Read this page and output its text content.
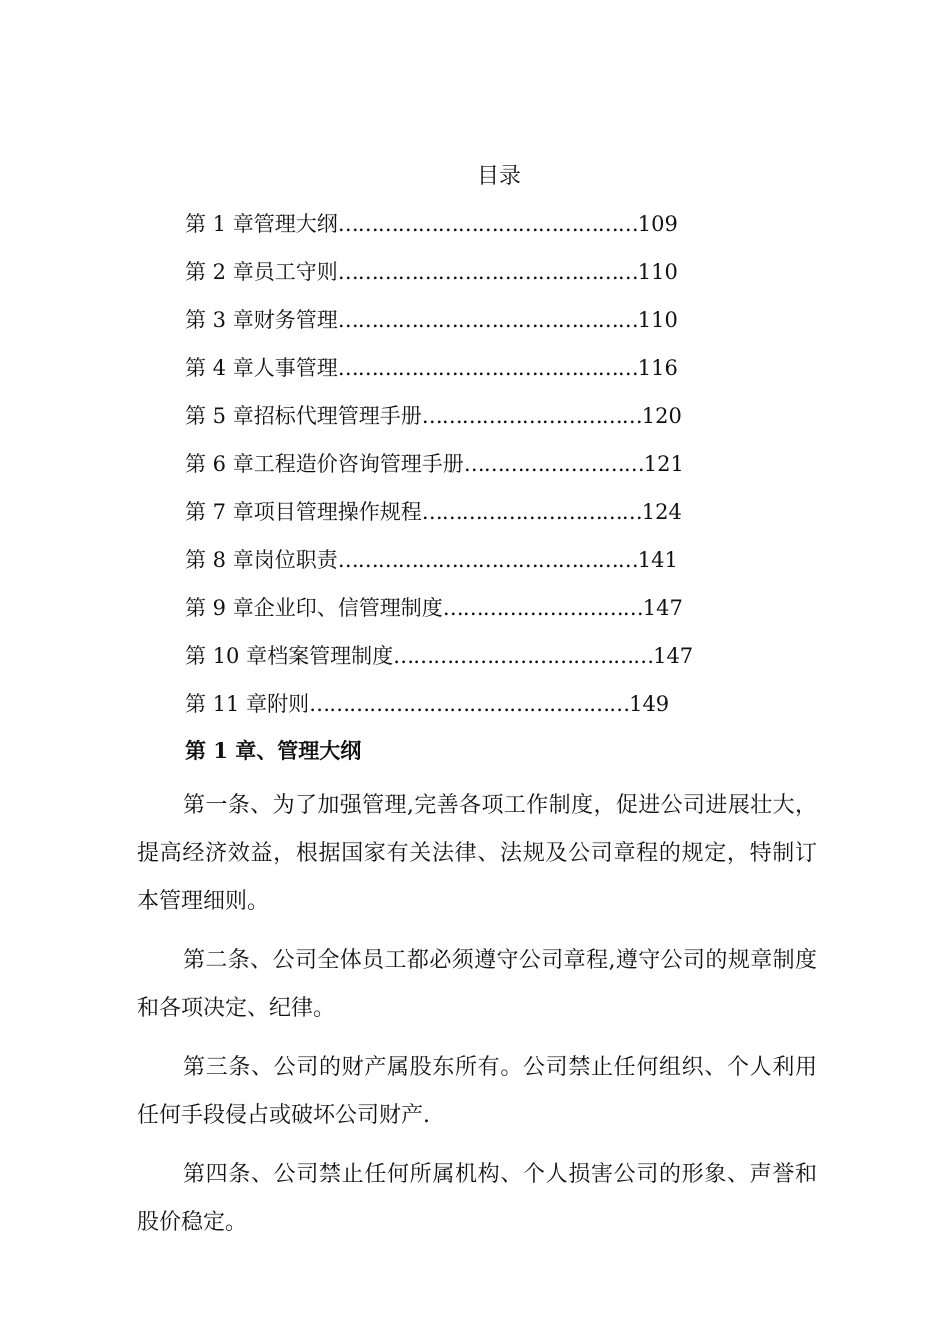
目录
第 1 章管理大纲………………………………………109
第 2 章员工守则………………………………………110
第 3 章财务管理………………………………………110
第 4 章人事管理………………………………………116
第 5 章招标代理管理手册……………………………120
第 6 章工程造价咨询管理手册………………………121
第 7 章项目管理操作规程……………………………124
第 8 章岗位职责………………………………………141
第 9 章企业印、信管理制度…………………………147
第 10 章档案管理制度…………………………………147
第 11 章附则…………………………………………149
第 1 章、管理大纲

第一条、为了加强管理,完善各项工作制度，促进公司进展壮大，提高经济效益，根据国家有关法律、法规及公司章程的规定，特制订本管理细则。

第二条、公司全体员工都必须遵守公司章程,遵守公司的规章制度和各项决定、纪律。

第三条、公司的财产属股东所有。公司禁止任何组织、个人利用任何手段侵占或破坏公司财产.

第四条、公司禁止任何所属机构、个人损害公司的形象、声誉和股价稳定。
